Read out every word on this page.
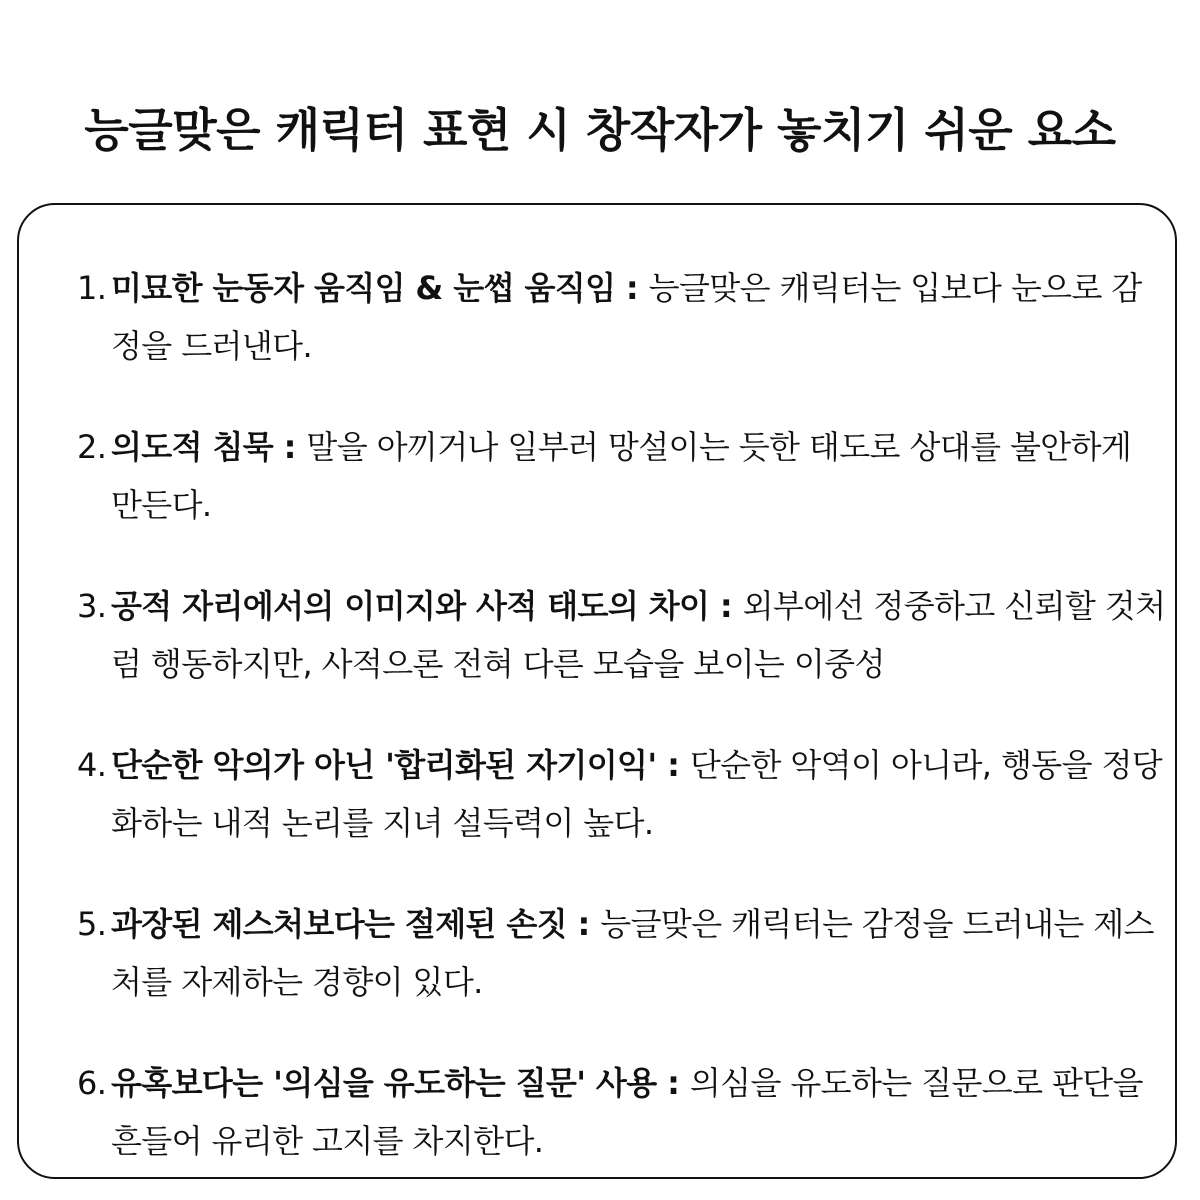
능글맞은 캐릭터 표현 시 창작자가 놓치기 쉬운 요소
1. 미묘한 눈동자 움직임 & 눈썹 움직임 : 능글맞은 캐릭터는 입보다 눈으로 감정을 드러낸다.
2. 의도적 침묵 : 말을 아끼거나 일부러 망설이는 듯한 태도로 상대를 불안하게 만든다.
3. 공적 자리에서의 이미지와 사적 태도의 차이 : 외부에선 정중하고 신뢰할 것처럼 행동하지만, 사적으론 전혀 다른 모습을 보이는 이중성
4. 단순한 악의가 아닌 '합리화된 자기이익' : 단순한 악역이 아니라, 행동을 정당화하는 내적 논리를 지녀 설득력이 높다.
5. 과장된 제스처보다는 절제된 손짓 : 능글맞은 캐릭터는 감정을 드러내는 제스처를 자제하는 경향이 있다.
6. 유혹보다는 '의심을 유도하는 질문' 사용 : 의심을 유도하는 질문으로 판단을 흔들어 유리한 고지를 차지한다.
